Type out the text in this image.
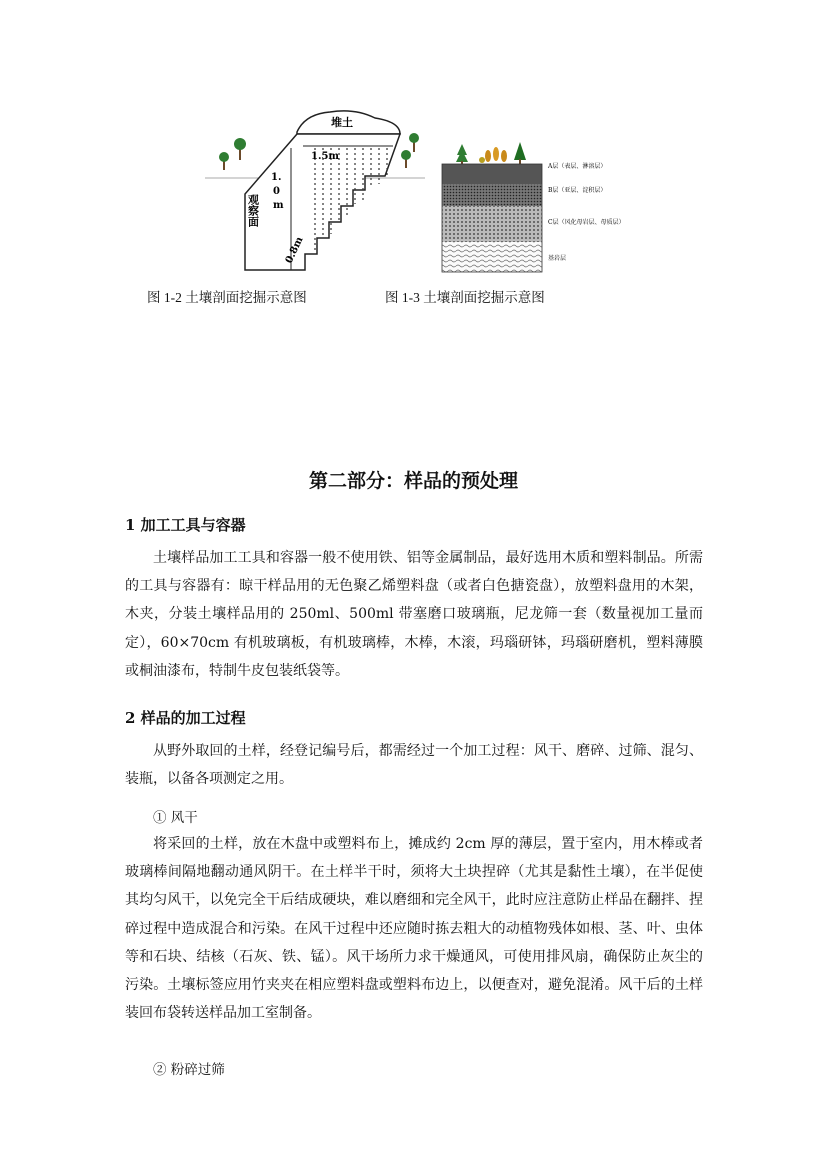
堆土
1.5m
1.
0
m
观察面
0.8m
图 1-2 土壤剖面挖掘示意图
A层（表层、淋溶层）
B层（亚层、淀积层）
C层（风化母岩层、母质层）
基岩层
图 1-3 土壤剖面挖掘示意图
第二部分：样品的预处理
1 加工工具与容器
土壤样品加工工具和容器一般不使用铁、铝等金属制品，最好选用木质和塑料制品。所需的工具与容器有：晾干样品用的无色聚乙烯塑料盘（或者白色搪瓷盘），放塑料盘用的木架，木夹，分装土壤样品用的 250ml、500ml 带塞磨口玻璃瓶，尼龙筛一套（数量视加工量而定），60×70cm 有机玻璃板，有机玻璃棒，木棒，木滚，玛瑙研钵，玛瑙研磨机，塑料薄膜或桐油漆布，特制牛皮包装纸袋等。
2 样品的加工过程
从野外取回的土样，经登记编号后，都需经过一个加工过程：风干、磨碎、过筛、混匀、装瓶，以备各项测定之用。
① 风干
将采回的土样，放在木盘中或塑料布上，摊成约 2cm 厚的薄层，置于室内，用木棒或者玻璃棒间隔地翻动通风阴干。在土样半干时，须将大土块捏碎（尤其是黏性土壤），在半促使其均匀风干，以免完全干后结成硬块，难以磨细和完全风干，此时应注意防止样品在翻拌、捏碎过程中造成混合和污染。在风干过程中还应随时拣去粗大的动植物残体如根、茎、叶、虫体等和石块、结核（石灰、铁、锰）。风干场所力求干燥通风，可使用排风扇，确保防止灰尘的污染。土壤标签应用竹夹夹在相应塑料盘或塑料布边上，以便查对，避免混淆。风干后的土样装回布袋转送样品加工室制备。
② 粉碎过筛
